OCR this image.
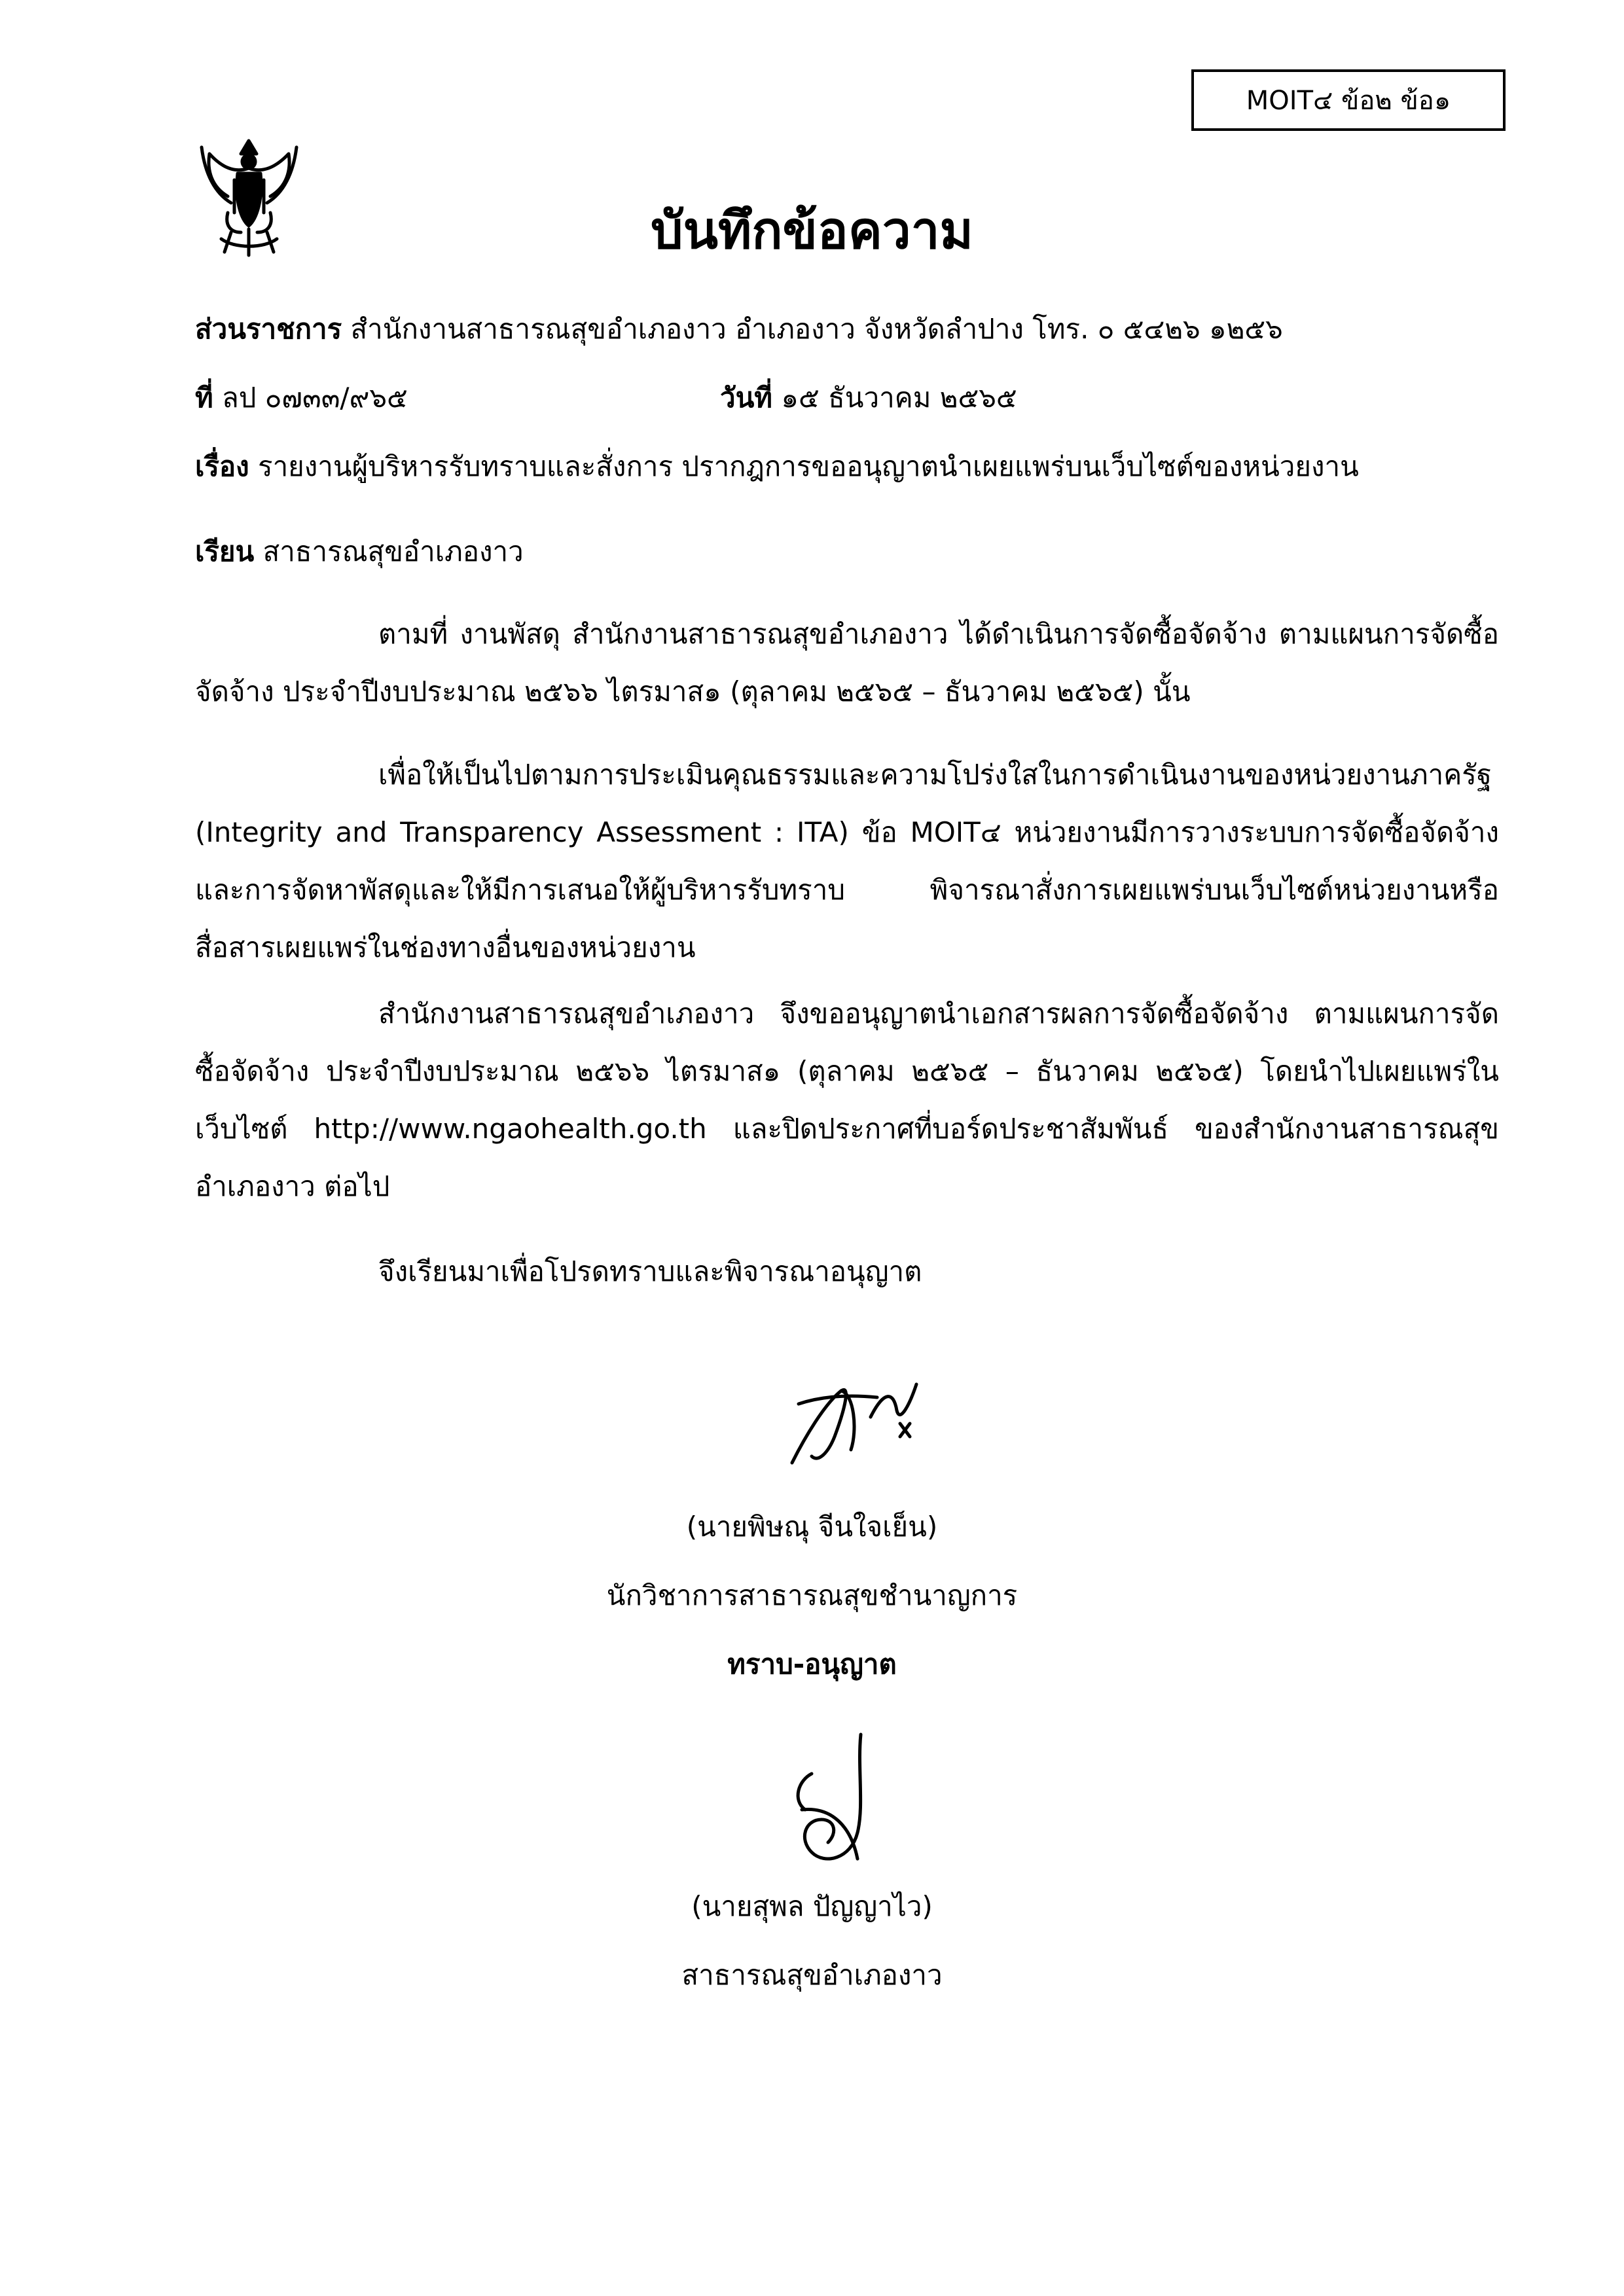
MOIT๔ ข้อ๒ ข้อ๑
บันทึกข้อความ
ส่วนราชการ สำนักงานสาธารณสุขอำเภองาว อำเภองาว จังหวัดลำปาง โทร. ๐ ๕๔๒๖ ๑๒๕๖
ที่ ลป ๐๗๓๓/๙๖๕	วันที่ ๑๕ ธันวาคม ๒๕๖๕
เรื่อง รายงานผู้บริหารรับทราบและสั่งการ ปรากฎการขออนุญาตนำเผยแพร่บนเว็บไซต์ของหน่วยงาน
เรียน สาธารณสุขอำเภองาว
ตามที่ งานพัสดุ สำนักงานสาธารณสุขอำเภองาว ได้ดำเนินการจัดซื้อจัดจ้าง ตามแผนการจัดซื้อจัดจ้าง ประจำปีงบประมาณ ๒๕๖๖ ไตรมาส๑ (ตุลาคม ๒๕๖๕ – ธันวาคม ๒๕๖๕) นั้น
เพื่อให้เป็นไปตามการประเมินคุณธรรมและความโปร่งใสในการดำเนินงานของหน่วยงานภาครัฐ (Integrity and Transparency Assessment : ITA) ข้อ MOIT๔ หน่วยงานมีการวางระบบการจัดซื้อจัดจ้างและการจัดหาพัสดุและให้มีการเสนอให้ผู้บริหารรับทราบ พิจารณาสั่งการเผยแพร่บนเว็บไซต์หน่วยงานหรือสื่อสารเผยแพร่ในช่องทางอื่นของหน่วยงาน
สำนักงานสาธารณสุขอำเภองาว จึงขออนุญาตนำเอกสารผลการจัดซื้อจัดจ้าง ตามแผนการจัดซื้อจัดจ้าง ประจำปีงบประมาณ ๒๕๖๖ ไตรมาส๑ (ตุลาคม ๒๕๖๕ – ธันวาคม ๒๕๖๕) โดยนำไปเผยแพร่ในเว็บไซต์ http://www.ngaohealth.go.th และปิดประกาศที่บอร์ดประชาสัมพันธ์ ของสำนักงานสาธารณสุขอำเภองาว ต่อไป
จึงเรียนมาเพื่อโปรดทราบและพิจารณาอนุญาต
(นายพิษณุ จีนใจเย็น)
นักวิชาการสาธารณสุขชำนาญการ
ทราบ-อนุญาต
(นายสุพล ปัญญาไว)
สาธารณสุขอำเภองาว
